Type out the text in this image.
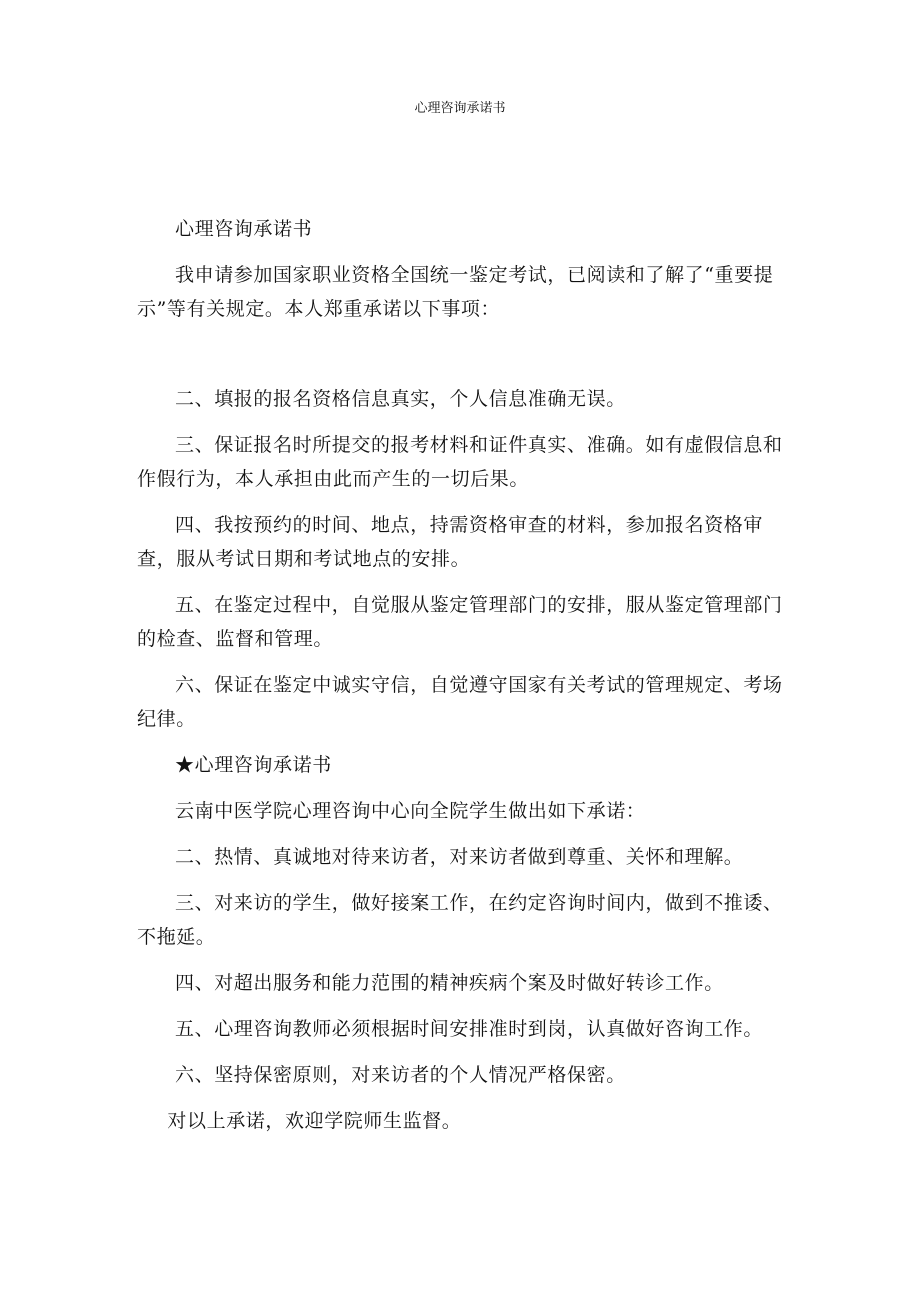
心理咨询承诺书

心理咨询承诺书

我申请参加国家职业资格全国统一鉴定考试，已阅读和了解了“重要提示”等有关规定。本人郑重承诺以下事项：

二、填报的报名资格信息真实，个人信息准确无误。

三、保证报名时所提交的报考材料和证件真实、准确。如有虚假信息和作假行为，本人承担由此而产生的一切后果。

四、我按预约的时间、地点，持需资格审查的材料，参加报名资格审查，服从考试日期和考试地点的安排。

五、在鉴定过程中，自觉服从鉴定管理部门的安排，服从鉴定管理部门的检查、监督和管理。

六、保证在鉴定中诚实守信，自觉遵守国家有关考试的管理规定、考场纪律。

★心理咨询承诺书

云南中医学院心理咨询中心向全院学生做出如下承诺：

二、热情、真诚地对待来访者，对来访者做到尊重、关怀和理解。

三、对来访的学生，做好接案工作，在约定咨询时间内，做到不推诿、不拖延。

四、对超出服务和能力范围的精神疾病个案及时做好转诊工作。

五、心理咨询教师必须根据时间安排准时到岗，认真做好咨询工作。

六、坚持保密原则，对来访者的个人情况严格保密。

对以上承诺，欢迎学院师生监督。
